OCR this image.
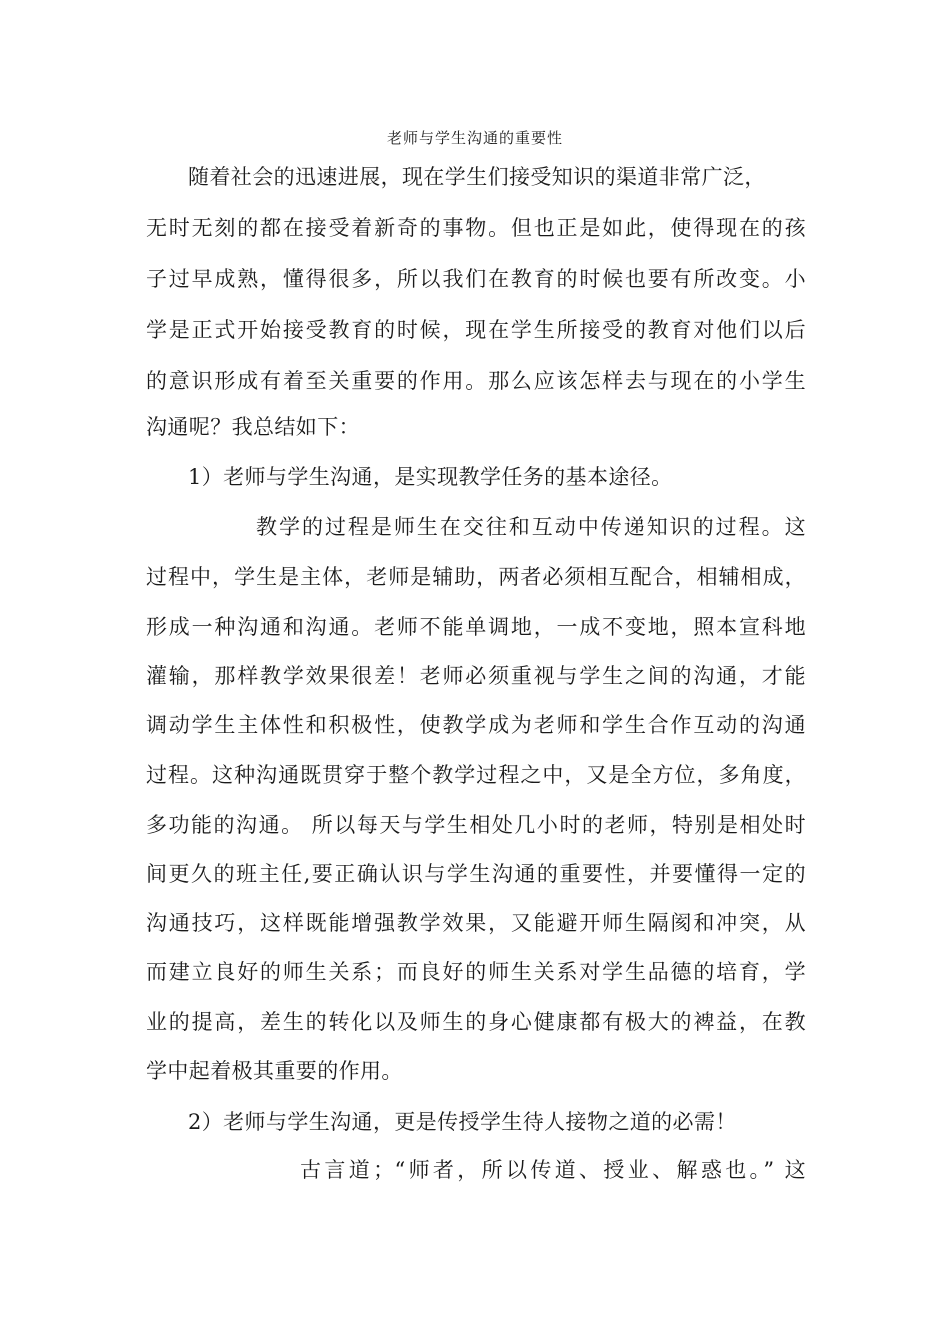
老师与学生沟通的重要性
随着社会的迅速进展，现在学生们接受知识的渠道非常广泛，
无时无刻的都在接受着新奇的事物。但也正是如此，使得现在的孩
子过早成熟，懂得很多，所以我们在教育的时候也要有所改变。小
学是正式开始接受教育的时候，现在学生所接受的教育对他们以后
的意识形成有着至关重要的作用。那么应该怎样去与现在的小学生
沟通呢？我总结如下：
1）老师与学生沟通，是实现教学任务的基本途径。
教学的过程是师生在交往和互动中传递知识的过程。这
过程中，学生是主体，老师是辅助，两者必须相互配合，相辅相成，
形成一种沟通和沟通。老师不能单调地，一成不变地，照本宣科地
灌输，那样教学效果很差！老师必须重视与学生之间的沟通，才能
调动学生主体性和积极性，使教学成为老师和学生合作互动的沟通
过程。这种沟通既贯穿于整个教学过程之中，又是全方位，多角度，
多功能的沟通。 所以每天与学生相处几小时的老师，特别是相处时
间更久的班主任,要正确认识与学生沟通的重要性，并要懂得一定的
沟通技巧，这样既能增强教学效果，又能避开师生隔阂和冲突，从
而建立良好的师生关系；而良好的师生关系对学生品德的培育，学
业的提高，差生的转化以及师生的身心健康都有极大的裨益，在教
学中起着极其重要的作用。
2）老师与学生沟通，更是传授学生待人接物之道的必需！
古言道；“师者，所以传道、授业、解惑也。” 这
